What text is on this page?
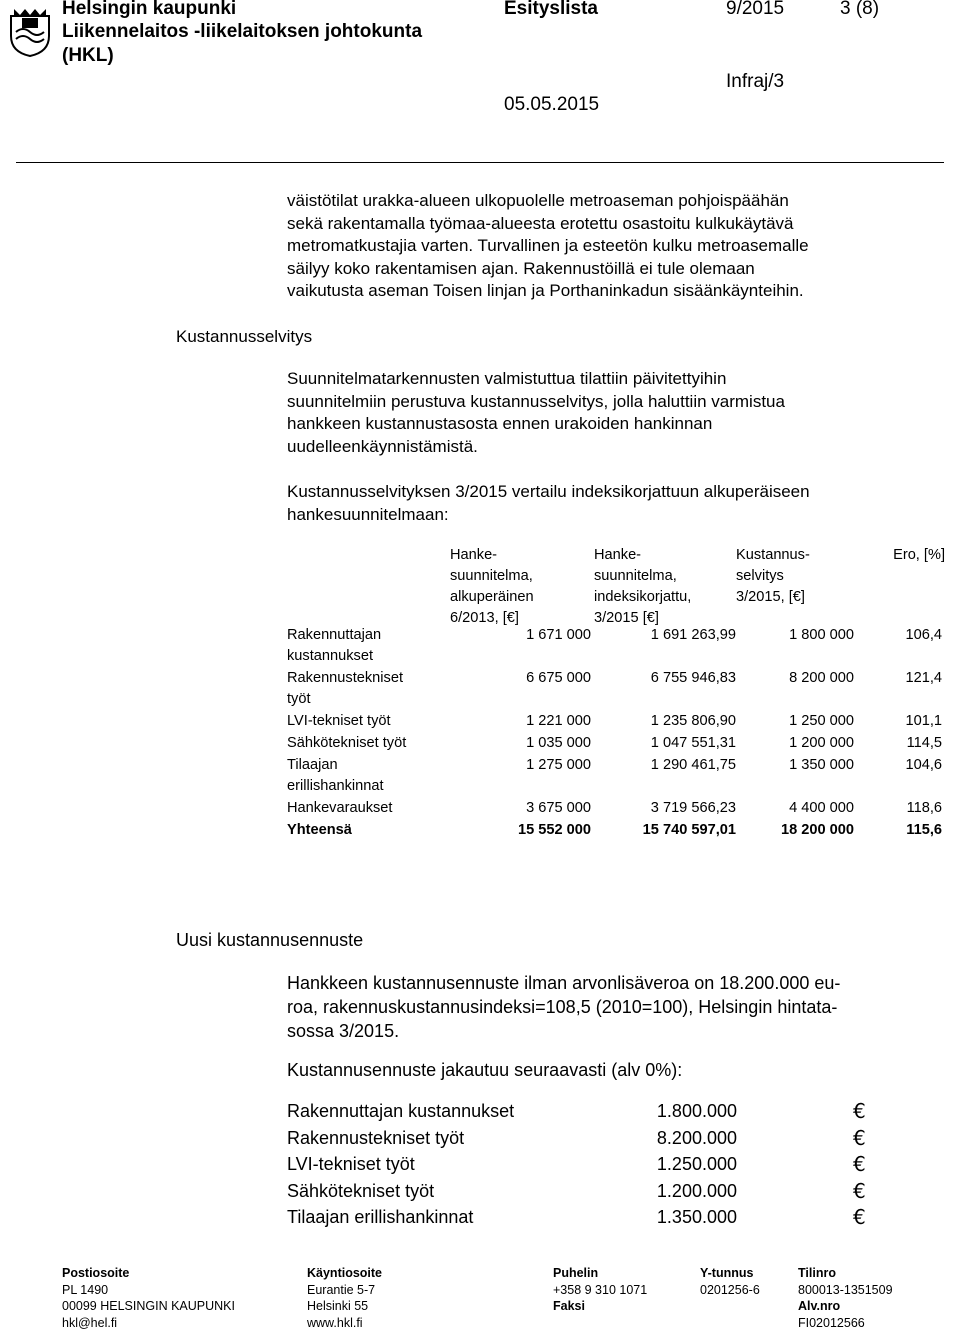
Helsingin kaupunki
Liikennelaitos -liikelaitoksen johtokunta
(HKL)
Esityslista	9/2015	3 (8)
Infraj/3
05.05.2015
väistötilat urakka-alueen ulkopuolelle metroaseman pohjoispäähän
sekä rakentamalla työmaa-alueesta erotettu osastoitu kulkukäytävä
metromatkustajia varten. Turvallinen ja esteetön kulku metroasemalle
säilyy koko rakentamisen ajan. Rakennustöillä ei tule olemaan
vaikutusta aseman Toisen linjan ja Porthaninkadun sisäänkäynteihin.
Kustannusselvitys
Suunnitelmatarkennusten valmistuttua tilattiin päivitettyihin
suunnitelmiin perustuva kustannusselvitys, jolla haluttiin varmistua
hankkeen kustannustasosta ennen urakoiden hankinnan
uudelleenkäynnistämistä.
Kustannusselvityksen 3/2015 vertailu indeksikorjattuun alkuperäiseen
hankesuunnitelmaan:
Hanke-
suunnitelma,
alkuperäinen
6/2013, [€]
Hanke-
suunnitelma,
indeksikorjattu,
3/2015 [€]
Kustannus-
selvitys
3/2015, [€]
Ero, [%]
Rakennuttajan
kustannukset
1 671 000	1 691 263,99	1 800 000	106,4
Rakennustekniset
työt
6 675 000	6 755 946,83	8 200 000	121,4
LVI-tekniset työt	1 221 000	1 235 806,90	1 250 000	101,1
Sähkötekniset työt	1 035 000	1 047 551,31	1 200 000	114,5
Tilaajan
erillishankinnat
1 275 000	1 290 461,75	1 350 000	104,6
Hankevaraukset	3 675 000	3 719 566,23	4 400 000	118,6
Yhteensä	15 552 000	15 740 597,01	18 200 000	115,6
Uusi kustannusennuste
Hankkeen kustannusennuste ilman arvonlisäveroa on 18.200.000 eu-
roa, rakennuskustannusindeksi=108,5 (2010=100), Helsingin hintata-
sossa 3/2015.
Kustannusennuste jakautuu seuraavasti (alv 0%):
Rakennuttajan kustannukset	1.800.000	€
Rakennustekniset työt	8.200.000	€
LVI-tekniset työt	1.250.000	€
Sähkötekniset työt	1.200.000	€
Tilaajan erillishankinnat	1.350.000	€
Postiosoite
PL 1490
00099 HELSINGIN KAUPUNKI
hkl@hel.fi
Käyntiosoite
Eurantie 5-7
Helsinki 55
www.hkl.fi
Puhelin
+358 9 310 1071
Faksi
Y-tunnus
0201256-6
Tilinro
800013-1351509
Alv.nro
FI02012566
